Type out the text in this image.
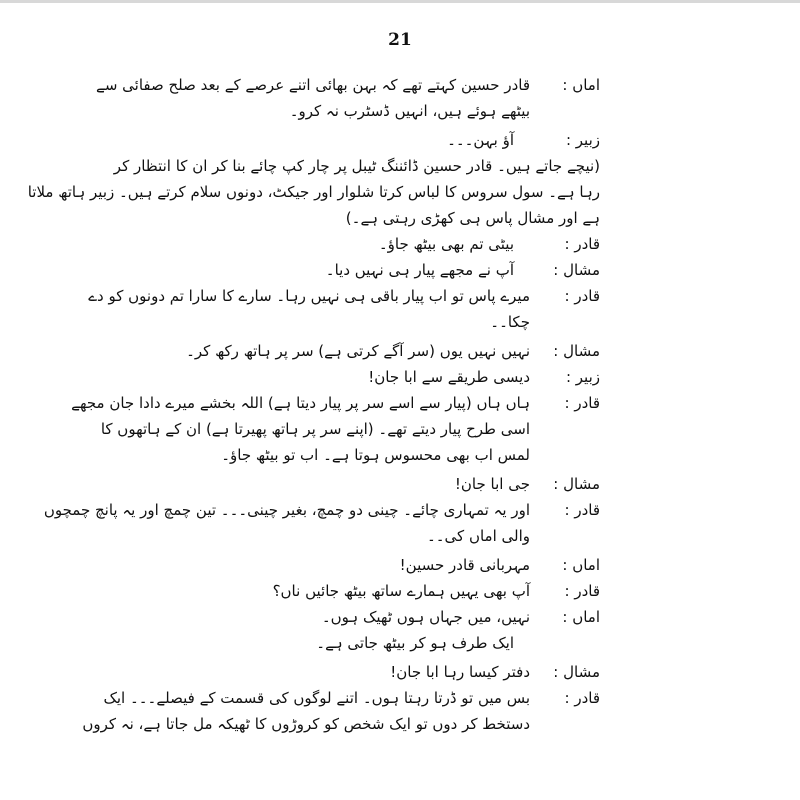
21
اماں :
قادر حسین کہتے تھے کہ بہن بھائی اتنے عرصے کے بعد صلح صفائی سے
بیٹھے ہوئے ہیں، انہیں ڈسٹرب نہ کرو۔
زبیر :
آؤ بہن۔۔۔
(نیچے جاتے ہیں۔ قادر حسین ڈائننگ ٹیبل پر چار کپ چائے بنا کر ان کا انتظار کر
رہا ہے۔ سول سروس کا لباس کرتا شلوار اور جیکٹ، دونوں سلام کرتے ہیں۔ زبیر ہاتھ ملاتا
ہے اور مشال پاس ہی کھڑی رہتی ہے۔)
قادر :
بیٹی تم بھی بیٹھ جاؤ۔
مشال :
آپ نے مجھے پیار ہی نہیں دیا۔
قادر :
میرے پاس تو اب پیار باقی ہی نہیں رہا۔ سارے کا سارا تم دونوں کو دے
چکا۔۔
مشال :
نہیں نہیں یوں (سر آگے کرتی ہے) سر پر ہاتھ رکھ کر۔
زبیر :
دیسی طریقے سے ابا جان!
قادر :
ہاں ہاں (پیار سے اسے سر پر پیار دیتا ہے) اللہ بخشے میرے دادا جان مجھے
اسی طرح پیار دیتے تھے۔ (اپنے سر پر ہاتھ پھیرتا ہے) ان کے ہاتھوں کا
لمس اب بھی محسوس ہوتا ہے۔ اب تو بیٹھ جاؤ۔
مشال :
جی ابا جان!
قادر :
اور یہ تمہاری چائے۔ چینی دو چمچ، بغیر چینی۔۔۔ تین چمچ اور یہ پانچ چمچوں
والی اماں کی۔۔
اماں :
مہربانی قادر حسین!
قادر :
آپ بھی یہیں ہمارے ساتھ بیٹھ جائیں ناں؟
اماں :
نہیں، میں جہاں ہوں ٹھیک ہوں۔
ایک طرف ہو کر بیٹھ جاتی ہے۔
مشال :
دفتر کیسا رہا ابا جان!
قادر :
بس میں تو ڈرتا رہتا ہوں۔ اتنے لوگوں کی قسمت کے فیصلے۔۔۔ ایک
دستخط کر دوں تو ایک شخص کو کروڑوں کا ٹھیکہ مل جاتا ہے، نہ کروں
